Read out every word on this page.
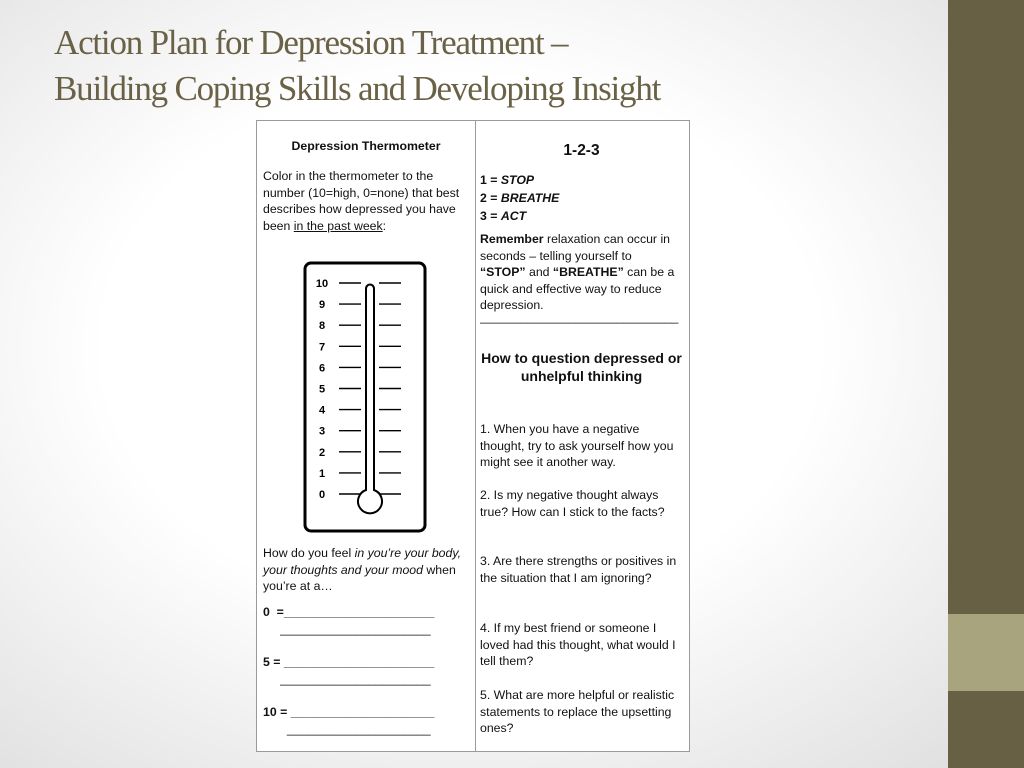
Action Plan for Depression Treatment –
Building Coping Skills and Developing Insight
Depression Thermometer
Color in the thermometer to the number (10=high, 0=none) that best describes how depressed you have been in the past week:
10
9
8
7
6
5
4
3
2
1
0
How do you feel in you’re your body, your thoughts and your mood when you’re at a…
0  =______________________
______________________
5 = ______________________
______________________
10 = _____________________
_____________________
1-2-3
1 = STOP
2 = BREATHE
3 = ACT
Remember relaxation can occur in seconds – telling yourself to “STOP” and “BREATHE” can be a quick and effective way to reduce depression.
_____________________________
How to question depressed or unhelpful thinking
1. When you have a negative thought, try to ask yourself how you might see it another way.
2. Is my negative thought always true? How can I stick to the facts?
3. Are there strengths or positives in the situation that I am ignoring?
4. If my best friend or someone I loved had this thought, what would I tell them?
5. What are more helpful or realistic statements to replace the upsetting ones?
